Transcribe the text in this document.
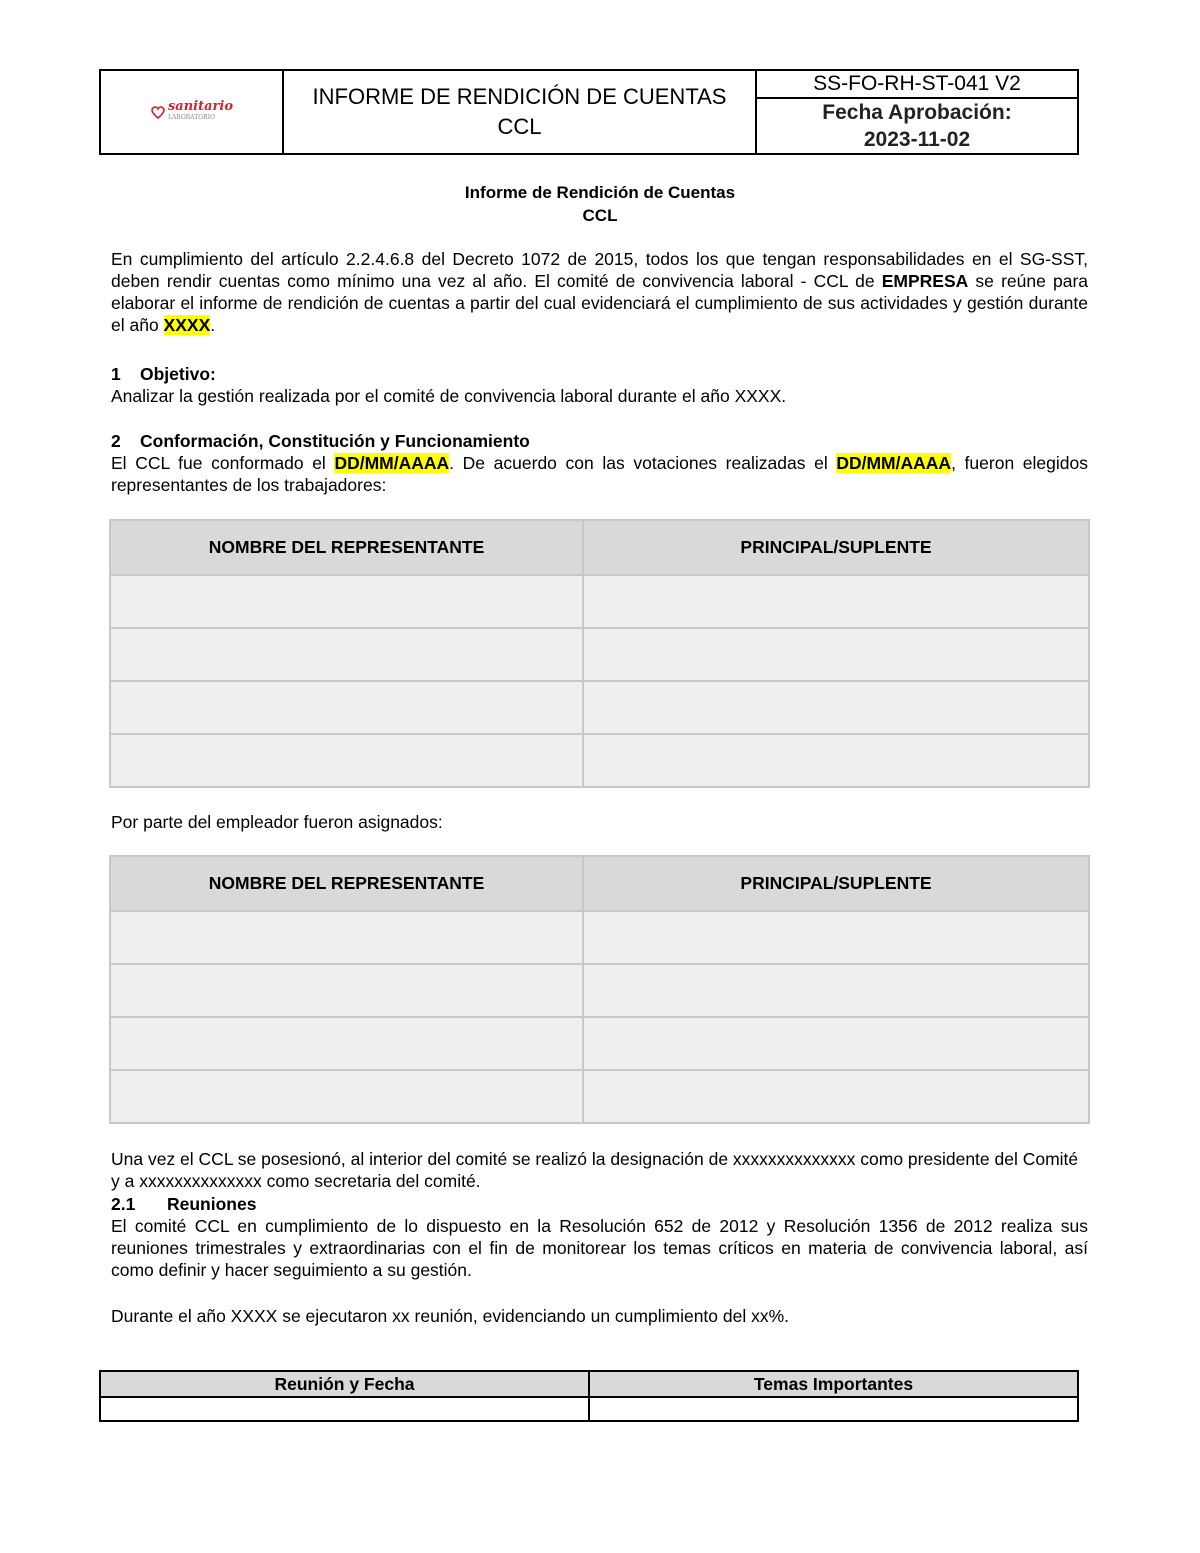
sanitario
LABORATORIO
INFORME DE RENDICIÓN DE CUENTAS
CCL
SS-FO-RH-ST-041 V2
Fecha Aprobación:
2023-11-02
Informe de Rendición de Cuentas
CCL
En cumplimiento del artículo 2.2.4.6.8 del Decreto 1072 de 2015, todos los que tengan responsabilidades en el SG-SST, deben rendir cuentas como mínimo una vez al año. El comité de convivencia laboral - CCL de EMPRESA se reúne para elaborar el informe de rendición de cuentas a partir del cual evidenciará el cumplimiento de sus actividades y gestión durante el año XXXX.
1 Objetivo:
Analizar la gestión realizada por el comité de convivencia laboral durante el año XXXX.
2 Conformación, Constitución y Funcionamiento
El CCL fue conformado el DD/MM/AAAA. De acuerdo con las votaciones realizadas el DD/MM/AAAA, fueron elegidos representantes de los trabajadores:
NOMBRE DEL REPRESENTANTE	PRINCIPAL/SUPLENTE
Por parte del empleador fueron asignados:
NOMBRE DEL REPRESENTANTE	PRINCIPAL/SUPLENTE
Una vez el CCL se posesionó, al interior del comité se realizó la designación de xxxxxxxxxxxxxx como presidente del Comité y a xxxxxxxxxxxxxx como secretaria del comité.
2.1 Reuniones
El comité CCL en cumplimiento de lo dispuesto en la Resolución 652 de 2012 y Resolución 1356 de 2012 realiza sus reuniones trimestrales y extraordinarias con el fin de monitorear los temas críticos en materia de convivencia laboral, así como definir y hacer seguimiento a su gestión.
Durante el año XXXX se ejecutaron xx reunión, evidenciando un cumplimiento del xx%.
Reunión y Fecha	Temas Importantes
